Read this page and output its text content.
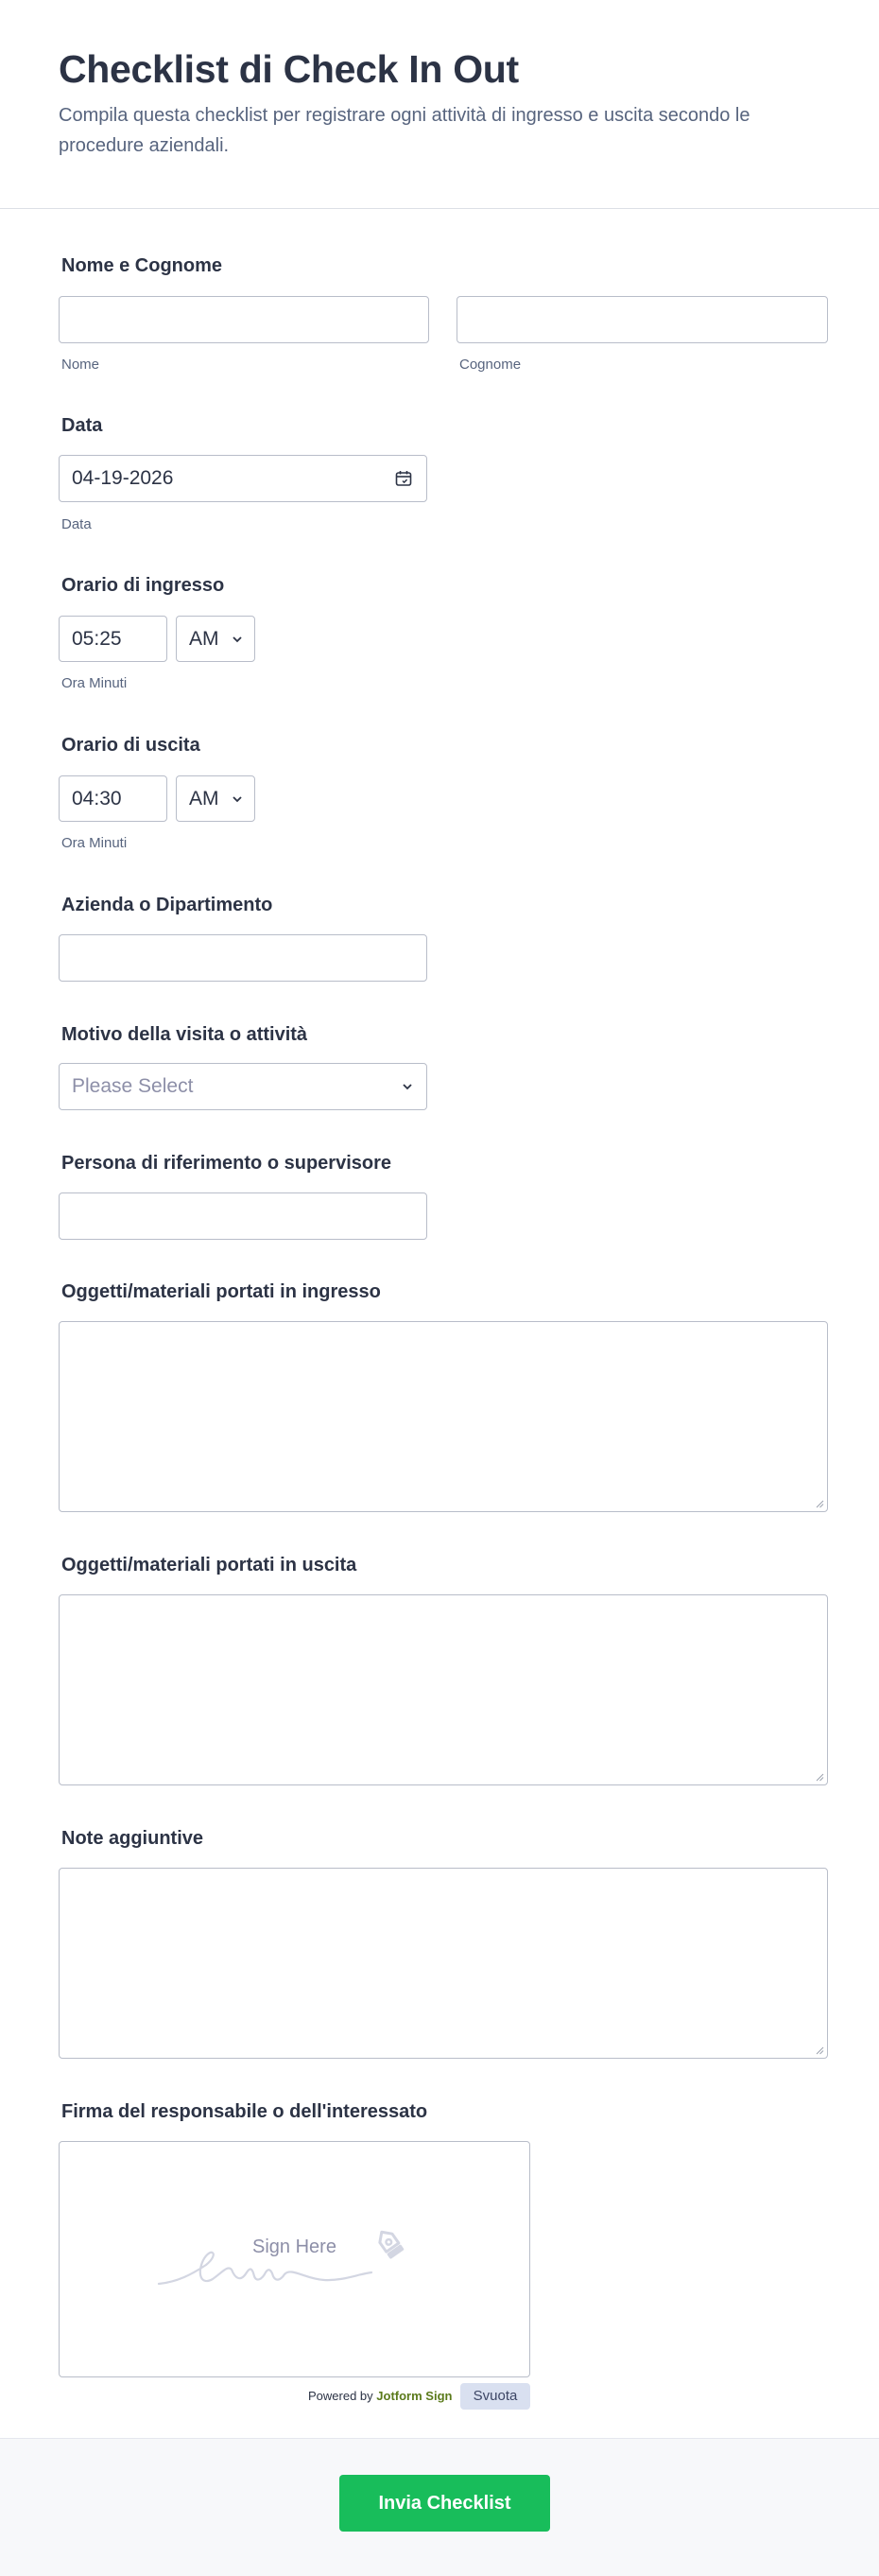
Checklist di Check In Out
Compila questa checklist per registrare ogni attività di ingresso e uscita secondo le procedure aziendali.
Nome e Cognome
Nome	Cognome
Data
04-19-2026
Data
Orario di ingresso
05:25	AM
Ora Minuti
Orario di uscita
04:30	AM
Ora Minuti
Azienda o Dipartimento
Motivo della visita o attività
Please Select
Persona di riferimento o supervisore
Oggetti/materiali portati in ingresso
Oggetti/materiali portati in uscita
Note aggiuntive
Firma del responsabile o dell'interessato
Sign Here
Powered by Jotform Sign	Svuota
Invia Checklist
